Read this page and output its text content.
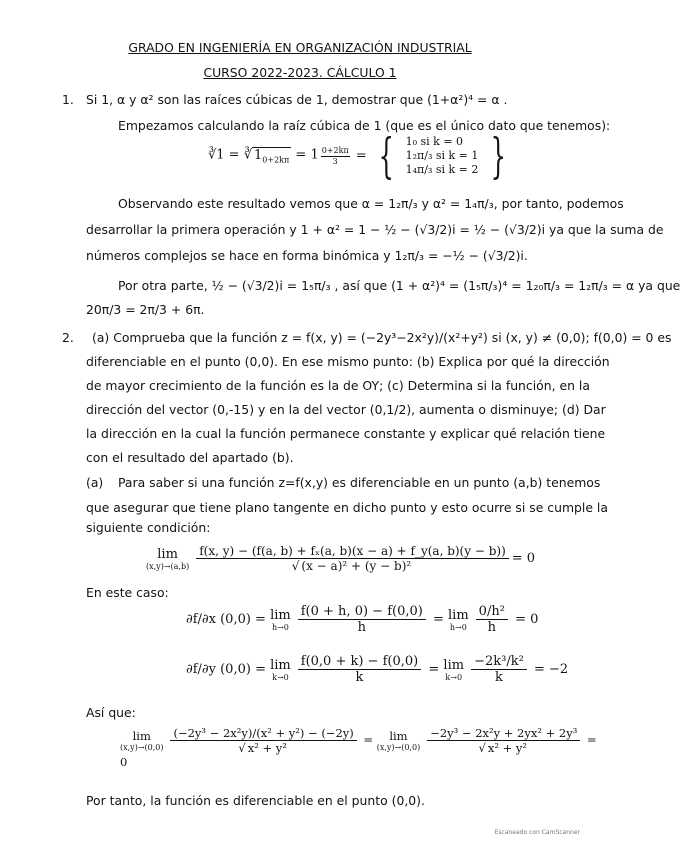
GRADO EN INGENIERÍA EN ORGANIZACIÓN INDUSTRIAL
CURSO 2022-2023. CÁLCULO 1
1. Si 1, α y α² son las raíces cúbicas de 1, demostrar que (1+α²)⁴ = α .
Empezamos calculando la raíz cúbica de 1 (que es el único dato que tenemos):
∛1 = ∛ $1_{0+2k\pi} = 1 \frac{0+2k\pi}{3}$ = { 1₀ si k = 0
1₂π/₃ si k = 1
1₄π/₃ si k = 2 }
Observando este resultado vemos que α = 1₂π/₃ y α² = 1₄π/₃, por tanto, podemos
desarrollar la primera operación y 1 + α² = 1 − ½ − (√3/2)i = ½ − (√3/2)i ya que la suma de
números complejos se hace en forma binómica y 1₂π/₃ = −½ − (√3/2)i.
Por otra parte, ½ − (√3/2)i = 1₅π/₃ , así que (1 + α²)⁴ = (1₅π/₃)⁴ = 1₂₀π/₃ = 1₂π/₃ = α ya que
20π/3 = 2π/3 + 6π.
2. (a) Comprueba que la función z = f(x, y) = (−2y³−2x²y)/(x²+y²) si (x, y) ≠ (0,0); f(0,0) = 0 es
diferenciable en el punto (0,0). En ese mismo punto: (b) Explica por qué la dirección
de mayor crecimiento de la función es la de OY; (c) Determina si la función, en la
dirección del vector (0,-15) y en la del vector (0,1/2), aumenta o disminuye; (d) Dar
la dirección en la cual la función permanece constante y explicar qué relación tiene
con el resultado del apartado (b).
(a) Para saber si una función z=f(x,y) es diferenciable en un punto (a,b) tenemos
que asegurar que tiene plano tangente en dicho punto y esto ocurre si se cumple la
siguiente condición:
lim
$(x,y)\to(a,b) \frac{\text{f(x, y) − (f(a, b) + fₓ(a, b)(x − a) + f\_y(a, b)(y − b))}}{\text{√ (x − a)² + (y − b)²}} = 0$
En este caso:
∂f/∂x (0,0) = lim
$h\to 0 \frac{f(0 + h, 0) - f(0,0)}{h} = \lim$
$h\to 0 \frac{\text{0/h²}}{h} = 0$
∂f/∂y (0,0) = lim
$k\to 0 \frac{f(0,0 + k) - f(0,0)}{k} = \lim$
$k\to 0 \frac{\text{−2k³/k²}}{k} = -2$
Así que:
lim
$(x,y)\to(0,0) \frac{\text{(−2y³ − 2x²y)/(x² + y²) − (−2y)}}{\text{√ x² + y²}} = \lim$
$(x,y)\to(0,0) \frac{\text{−2y³ − 2x²y + 2yx² + 2y³}}{\text{√ x² + y²}} = 0$
Por tanto, la función es diferenciable en el punto (0,0).
Escaneado con CamScanner
